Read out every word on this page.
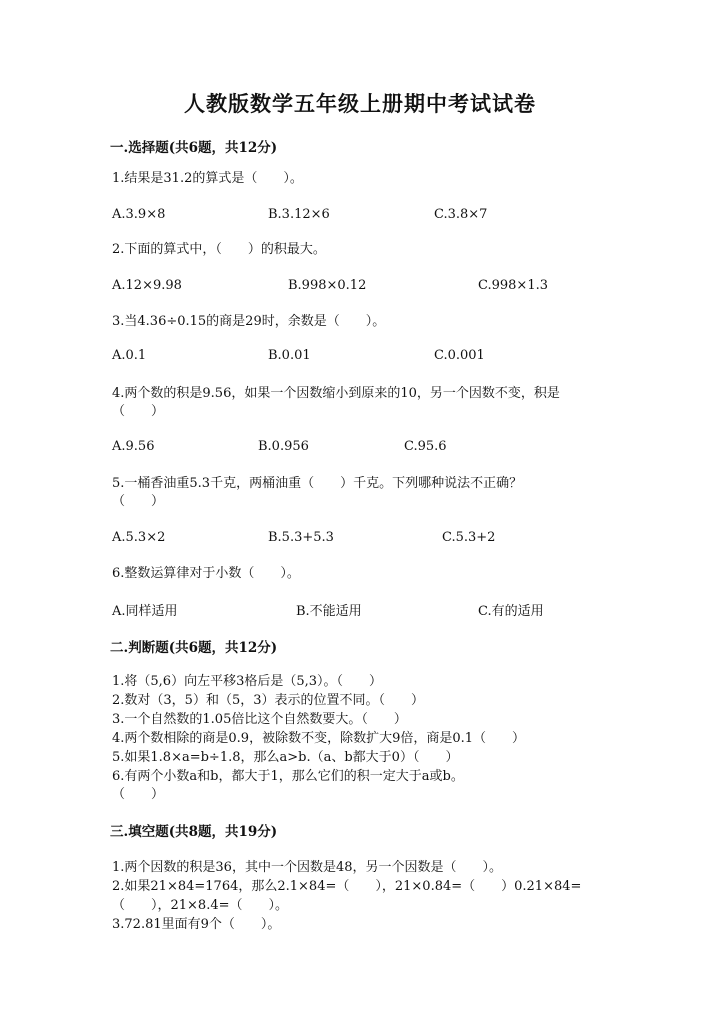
人教版数学五年级上册期中考试试卷
一.选择题(共6题，共12分)
1.结果是31.2的算式是（　　）。
A.3.9×8	B.3.12×6	C.3.8×7
2.下面的算式中，（　　）的积最大。
A.12×9.98	B.998×0.12	C.998×1.3
3.当4.36÷0.15的商是29时，余数是（　　）。
A.0.1	B.0.01	C.0.001
4.两个数的积是9.56，如果一个因数缩小到原来的10，另一个因数不变，积是
（　　）
A.9.56	B.0.956	C.95.6
5.一桶香油重5.3千克，两桶油重（　　）千克。下列哪种说法不正确？
（　　）
A.5.3×2	B.5.3+5.3	C.5.3+2
6.整数运算律对于小数（　　）。
A.同样适用	B.不能适用	C.有的适用
二.判断题(共6题，共12分)
1.将（5,6）向左平移3格后是（5,3）。（　　）
2.数对（3，5）和（5，3）表示的位置不同。（　　）
3.一个自然数的1.05倍比这个自然数要大。（　　）
4.两个数相除的商是0.9，被除数不变，除数扩大9倍，商是0.1（　　）
5.如果1.8×a=b÷1.8，那么a>b.（a、b都大于0）（　　）
6.有两个小数a和b，都大于1，那么它们的积一定大于a或b。
（　　）
三.填空题(共8题，共19分)
1.两个因数的积是36，其中一个因数是48，另一个因数是（　　）。
2.如果21×84=1764，那么2.1×84=（　　），21×0.84=（　　）0.21×84=
（　　），21×8.4=（　　）。
3.72.81里面有9个（　　）。
